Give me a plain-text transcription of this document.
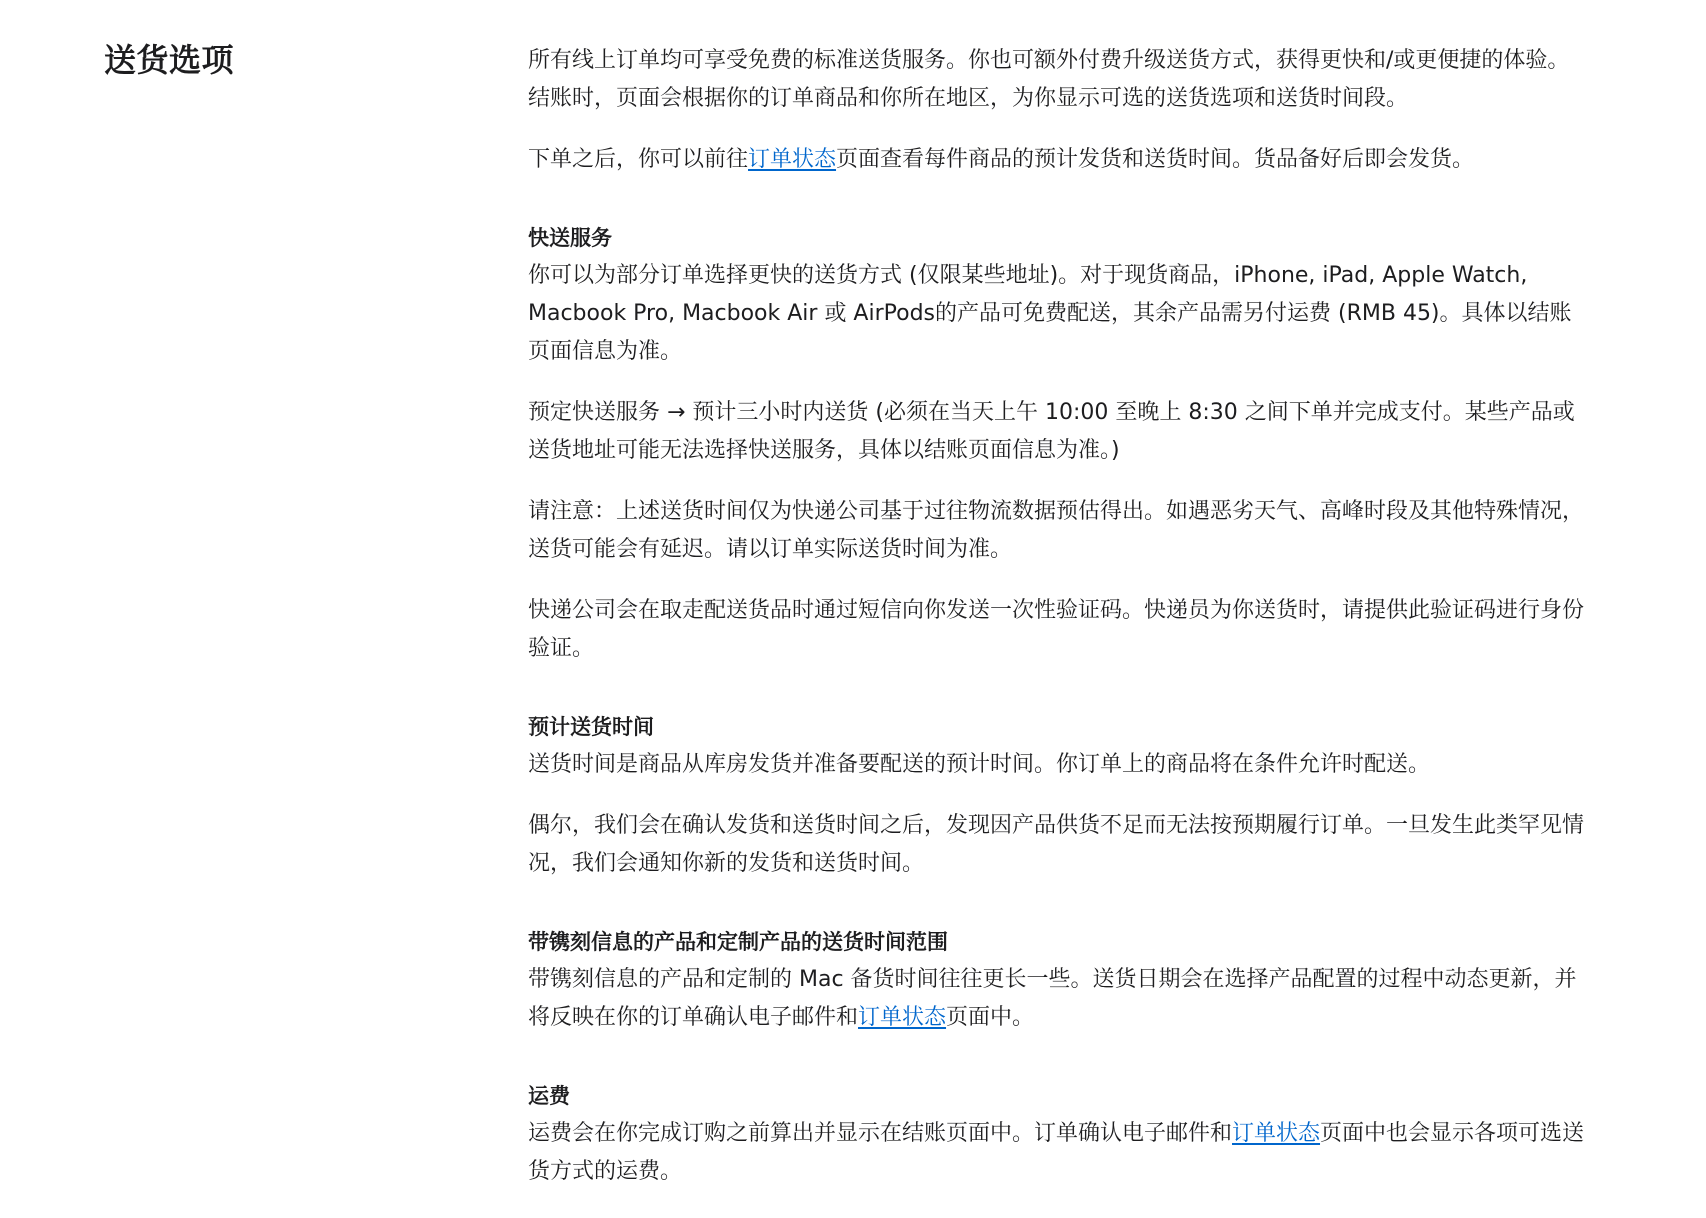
送货选项	所有线上订单均可享受免费的标准送货服务。你也可额外付费升级送货方式，获得更快和/或更便捷的体验。结账时，页面会根据你的订单商品和你所在地区，为你显示可选的送货选项和送货时间段。

下单之后，你可以前往订单状态页面查看每件商品的预计发货和送货时间。货品备好后即会发货。

快送服务

你可以为部分订单选择更快的送货方式 (仅限某些地址)。对于现货商品，iPhone, iPad, Apple Watch, Macbook Pro, Macbook Air 或 AirPods的产品可免费配送，其余产品需另付运费 (RMB 45)。具体以结账页面信息为准。

预定快送服务 → 预计三小时内送货 (必须在当天上午 10:00 至晚上 8:30 之间下单并完成支付。某些产品或送货地址可能无法选择快送服务，具体以结账页面信息为准。)

请注意：上述送货时间仅为快递公司基于过往物流数据预估得出。如遇恶劣天气、高峰时段及其他特殊情况，送货可能会有延迟。请以订单实际送货时间为准。

快递公司会在取走配送货品时通过短信向你发送一次性验证码。快递员为你送货时，请提供此验证码进行身份验证。

预计送货时间

送货时间是商品从库房发货并准备要配送的预计时间。你订单上的商品将在条件允许时配送。

偶尔，我们会在确认发货和送货时间之后，发现因产品供货不足而无法按预期履行订单。一旦发生此类罕见情况，我们会通知你新的发货和送货时间。

带镌刻信息的产品和定制产品的送货时间范围

带镌刻信息的产品和定制的 Mac 备货时间往往更长一些。送货日期会在选择产品配置的过程中动态更新，并将反映在你的订单确认电子邮件和订单状态页面中。

运费

运费会在你完成订购之前算出并显示在结账页面中。订单确认电子邮件和订单状态页面中也会显示各项可选送货方式的运费。
